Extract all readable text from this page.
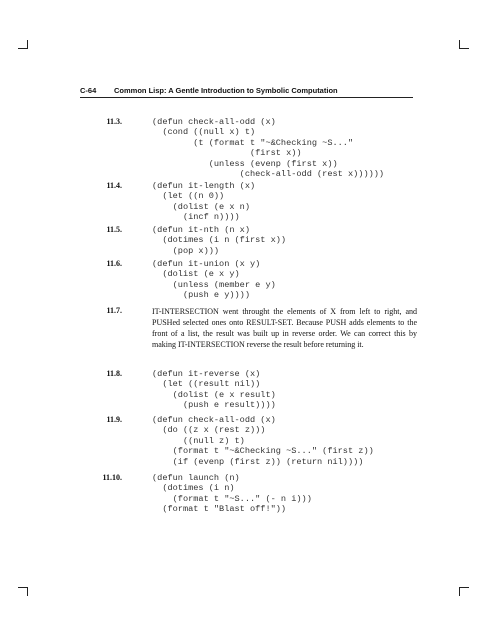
C-64 Common Lisp: A Gentle Introduction to Symbolic Computation
11.3.	(defun check-all-odd (x)
(cond ((null x) t)
(t (format t "~&Checking ~S..."
(first x))
(unless (evenp (first x))
(check-all-odd (rest x))))))
11.4.	(defun it-length (x)
(let ((n 0))
(dolist (e x n)
(incf n))))
11.5.	(defun it-nth (n x)
(dotimes (i n (first x))
(pop x)))
11.6.	(defun it-union (x y)
(dolist (e x y)
(unless (member e y)
(push e y))))
11.7.	IT-INTERSECTION went throught the elements of X from left to right, and PUSHed selected ones onto RESULT-SET. Because PUSH adds elements to the front of a list, the result was built up in reverse order. We can correct this by making IT-INTERSECTION reverse the result before returning it.
11.8.	(defun it-reverse (x)
(let ((result nil))
(dolist (e x result)
(push e result))))
11.9.	(defun check-all-odd (x)
(do ((z x (rest z)))
((null z) t)
(format t "~&Checking ~S..." (first z))
(if (evenp (first z)) (return nil))))
11.10.	(defun launch (n)
(dotimes (i n)
(format t "~S..." (- n i)))
(format t "Blast off!"))
